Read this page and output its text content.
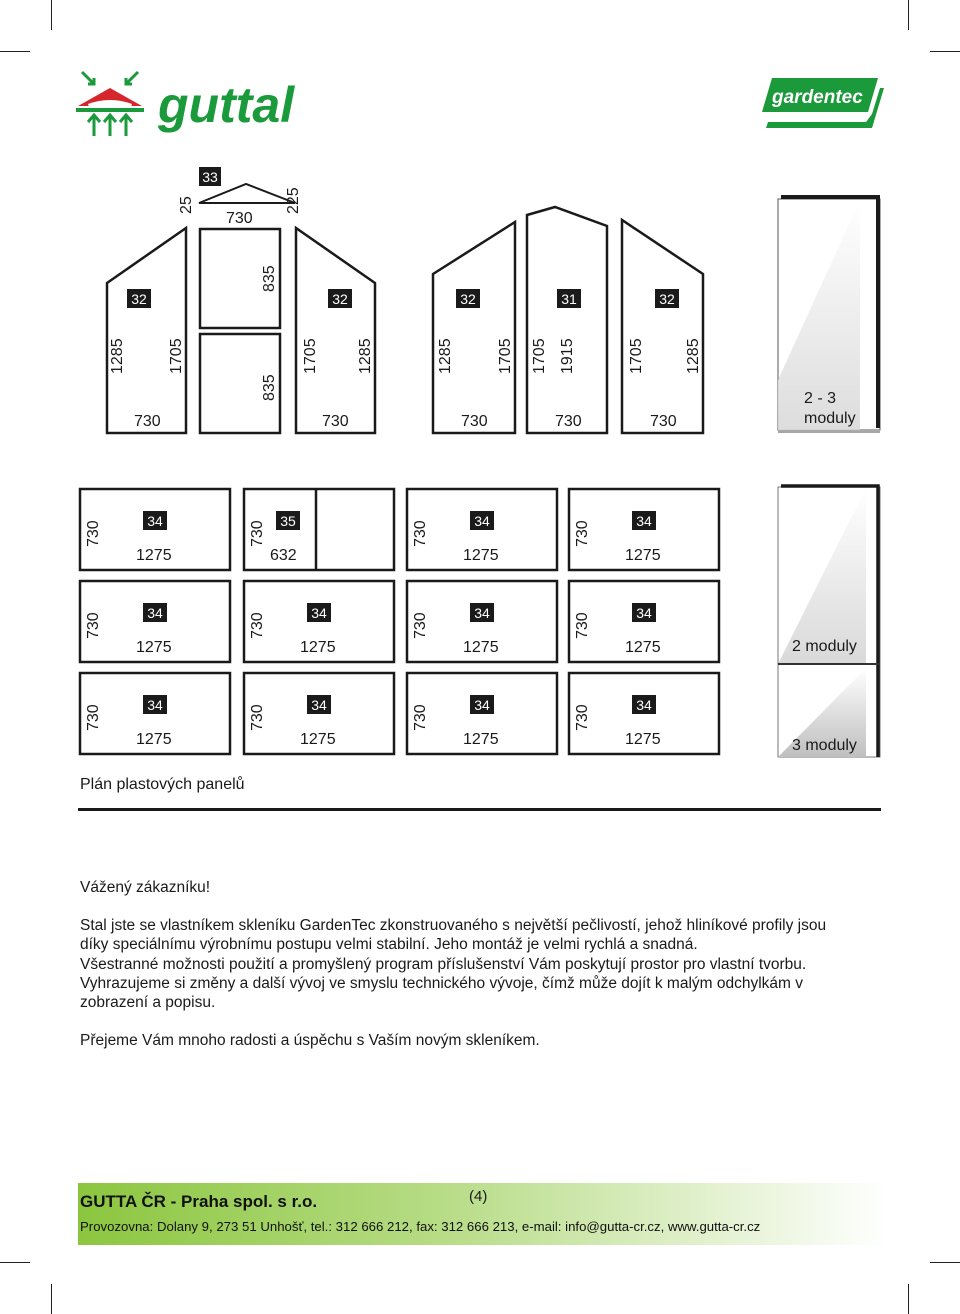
guttal	gardentec
33
25	225
730
835
835
32
1285	1705
730
32
1705 1285
730
32	31	32
1285	1705 1705 1915	1705	1285
730	730	730
2 - 3
moduly
2 moduly
3 moduly
730	34
1275
730 35
632
730	34
1275
730	34
1275
730	34
1275
730	34
1275
730	34
1275
730	34
1275
730	34
1275
730	34
1275
730	34
1275
730	34
1275
Plán plastových panelů

Vážený zákazníku!

Stal jste se vlastníkem skleníku GardenTec zkonstruovaného s největší pečlivostí, jehož hliníkové profily jsou díky speciálnímu výrobnímu postupu velmi stabilní. Jeho montáž je velmi rychlá a snadná.

Všestranné možnosti použití a promyšlený program příslušenství Vám poskytují prostor pro vlastní tvorbu.

Vyhrazujeme si změny a další vývoj ve smyslu technického vývoje, čímž může dojít k malým odchylkám v zobrazení a popisu.

Přejeme Vám mnoho radosti a úspěchu s Vaším novým skleníkem.

GUTTA ČR - Praha spol. s r.o.	(4)
Provozovna: Dolany 9, 273 51 Unhošť, tel.: 312 666 212, fax: 312 666 213, e-mail: info@gutta-cr.cz, www.gutta-cr.cz
